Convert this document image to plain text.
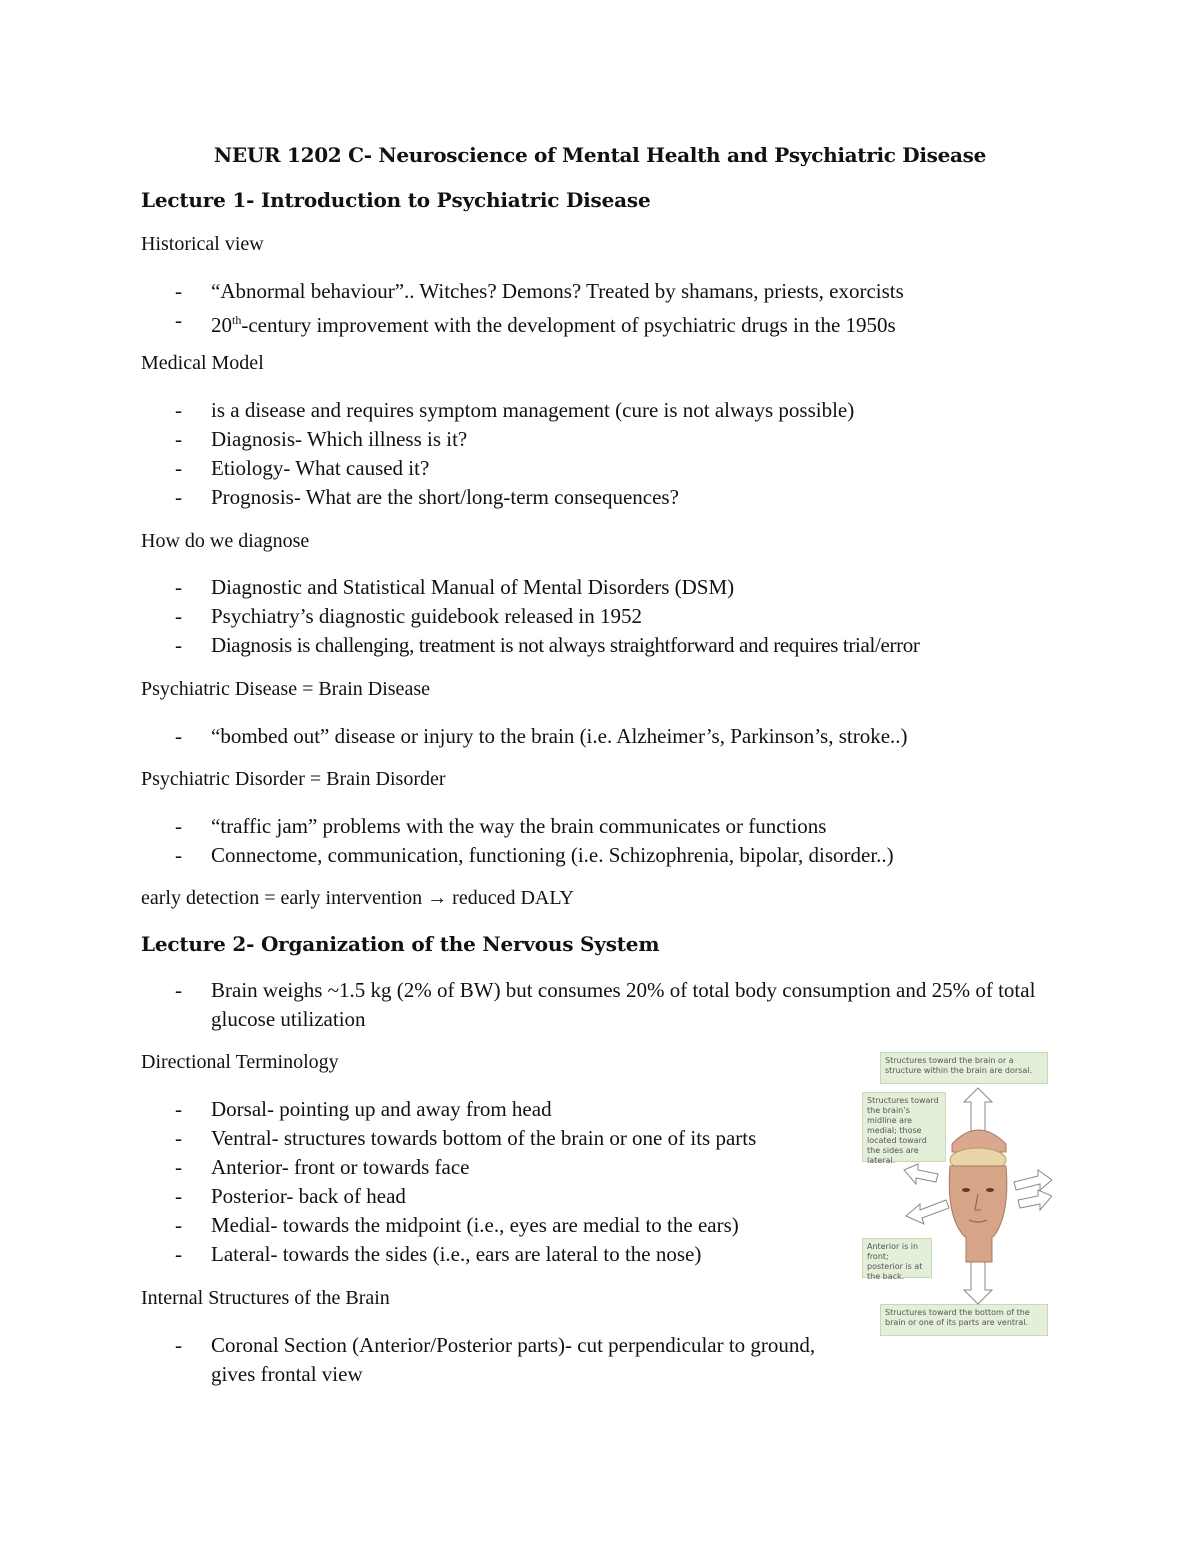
NEUR 1202 C- Neuroscience of Mental Health and Psychiatric Disease
Lecture 1- Introduction to Psychiatric Disease
Historical view
- “Abnormal behaviour”.. Witches? Demons? Treated by shamans, priests, exorcists
- 20th-century improvement with the development of psychiatric drugs in the 1950s
Medical Model
- is a disease and requires symptom management (cure is not always possible)
- Diagnosis- Which illness is it?
- Etiology- What caused it?
- Prognosis- What are the short/long-term consequences?
How do we diagnose
- Diagnostic and Statistical Manual of Mental Disorders (DSM)
- Psychiatry’s diagnostic guidebook released in 1952
- Diagnosis is challenging, treatment is not always straightforward and requires trial/error
Psychiatric Disease = Brain Disease
- “bombed out” disease or injury to the brain (i.e. Alzheimer’s, Parkinson’s, stroke..)
Psychiatric Disorder = Brain Disorder
- “traffic jam” problems with the way the brain communicates or functions
- Connectome, communication, functioning (i.e. Schizophrenia, bipolar, disorder..)
early detection = early intervention → reduced DALY
Lecture 2- Organization of the Nervous System
- Brain weighs ~1.5 kg (2% of BW) but consumes 20% of total body consumption and 25% of total glucose utilization
Directional Terminology
- Dorsal- pointing up and away from head
- Ventral- structures towards bottom of the brain or one of its parts
- Anterior- front or towards face
- Posterior- back of head
- Medial- towards the midpoint (i.e., eyes are medial to the ears)
- Lateral- towards the sides (i.e., ears are lateral to the nose)
Internal Structures of the Brain
- Coronal Section (Anterior/Posterior parts)- cut perpendicular to ground, gives frontal view
Structures toward the brain or a structure within the brain are dorsal.
Structures toward the brain’s midline are medial; those located toward the sides are lateral.
Anterior is in front; posterior is at the back.
Structures toward the bottom of the brain or one of its parts are ventral.
